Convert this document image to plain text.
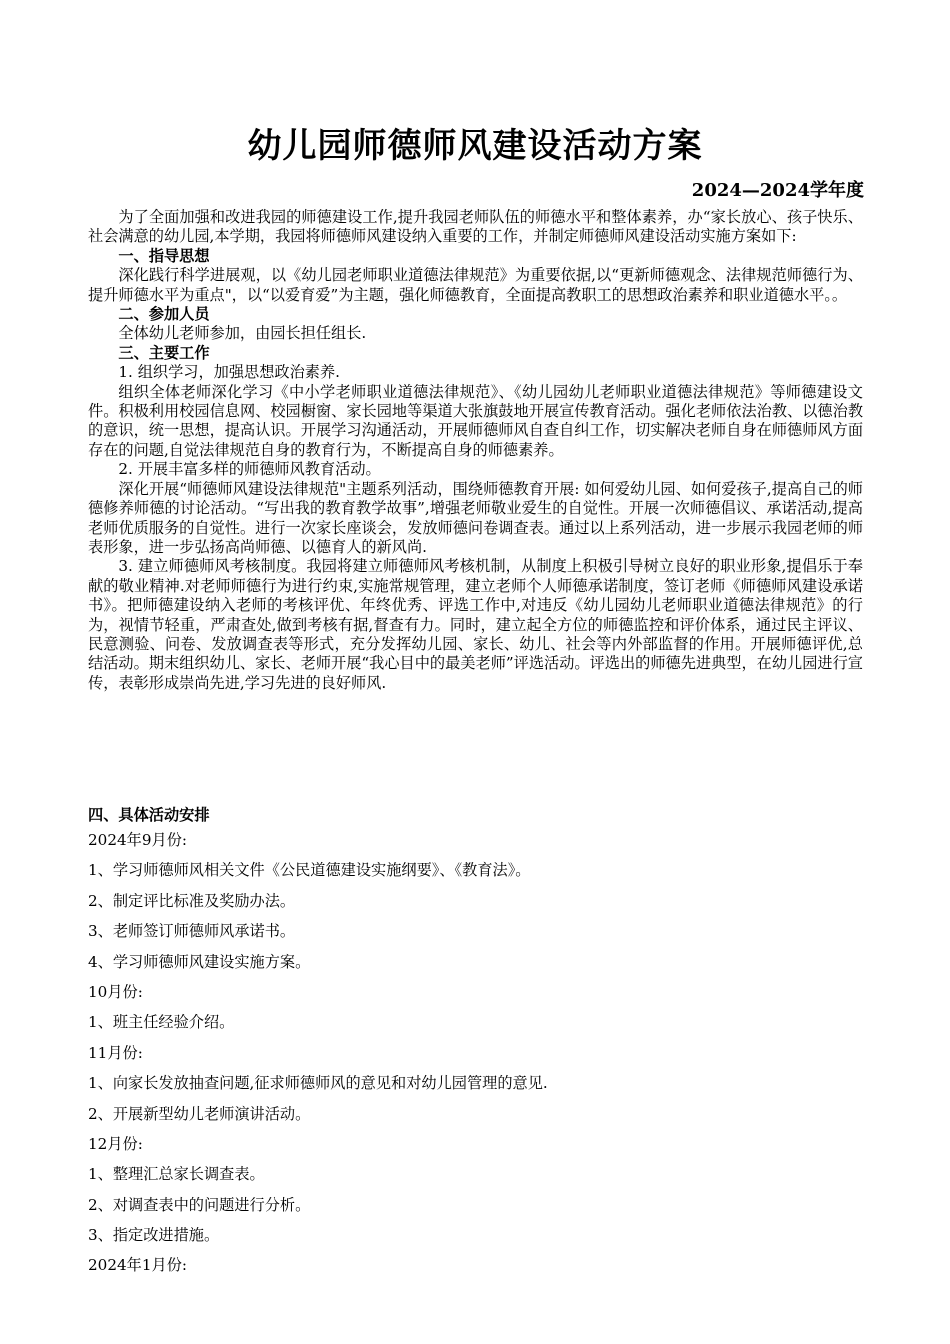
幼儿园师德师风建设活动方案
2024—2024学年度

为了全面加强和改进我园的师德建设工作,提升我园老师队伍的师德水平和整体素养，办“家长放心、孩子快乐、社会满意的幼儿园,本学期，我园将师德师风建设纳入重要的工作，并制定师德师风建设活动实施方案如下:

一、指导思想

深化践行科学进展观，以《幼儿园老师职业道德法律规范》为重要依据,以“更新师德观念、法律规范师德行为、提升师德水平为重点"，以“以爱育爱”为主题，强化师德教育，全面提高教职工的思想政治素养和职业道德水平。。

二、参加人员

全体幼儿老师参加，由园长担任组长.

三、主要工作

1. 组织学习，加强思想政治素养.

组织全体老师深化学习《中小学老师职业道德法律规范》、《幼儿园幼儿老师职业道德法律规范》等师德建设文件。积极利用校园信息网、校园橱窗、家长园地等渠道大张旗鼓地开展宣传教育活动。强化老师依法治教、以德治教的意识，统一思想，提高认识。开展学习沟通活动，开展师德师风自查自纠工作，切实解决老师自身在师德师风方面存在的问题,自觉法律规范自身的教育行为，不断提高自身的师德素养。

2. 开展丰富多样的师德师风教育活动。

深化开展“师德师风建设法律规范"主题系列活动，围绕师德教育开展: 如何爱幼儿园、如何爱孩子,提高自己的师德修养师德的讨论活动。“写出我的教育教学故事”,增强老师敬业爱生的自觉性。开展一次师德倡议、承诺活动,提高老师优质服务的自觉性。进行一次家长座谈会，发放师德问卷调查表。通过以上系列活动，进一步展示我园老师的师表形象，进一步弘扬高尚师德、以德育人的新风尚.

3. 建立师德师风考核制度。我园将建立师德师风考核机制，从制度上积极引导树立良好的职业形象,提倡乐于奉献的敬业精神.对老师师德行为进行约束,实施常规管理，建立老师个人师德承诺制度，签订老师《师德师风建设承诺书》。把师德建设纳入老师的考核评优、年终优秀、评选工作中,对违反《幼儿园幼儿老师职业道德法律规范》的行为，视情节轻重，严肃查处,做到考核有据,督查有力。同时，建立起全方位的师德监控和评价体系，通过民主评议、民意测验、问卷、发放调查表等形式，充分发挥幼儿园、家长、幼儿、社会等内外部监督的作用。开展师德评优,总结活动。期末组织幼儿、家长、老师开展“我心目中的最美老师”评选活动。评选出的师德先进典型，在幼儿园进行宣传，表彰形成崇尚先进,学习先进的良好师风.

四、具体活动安排

2024年9月份:

1、学习师德师风相关文件《公民道德建设实施纲要》、《教育法》。

2、制定评比标准及奖励办法。

3、老师签订师德师风承诺书。

4、学习师德师风建设实施方案。

10月份:

1、班主任经验介绍。

11月份:

1、向家长发放抽查问题,征求师德师风的意见和对幼儿园管理的意见.

2、开展新型幼儿老师演讲活动。

12月份:

1、整理汇总家长调查表。

2、对调查表中的问题进行分析。

3、指定改进措施。

2024年1月份:
